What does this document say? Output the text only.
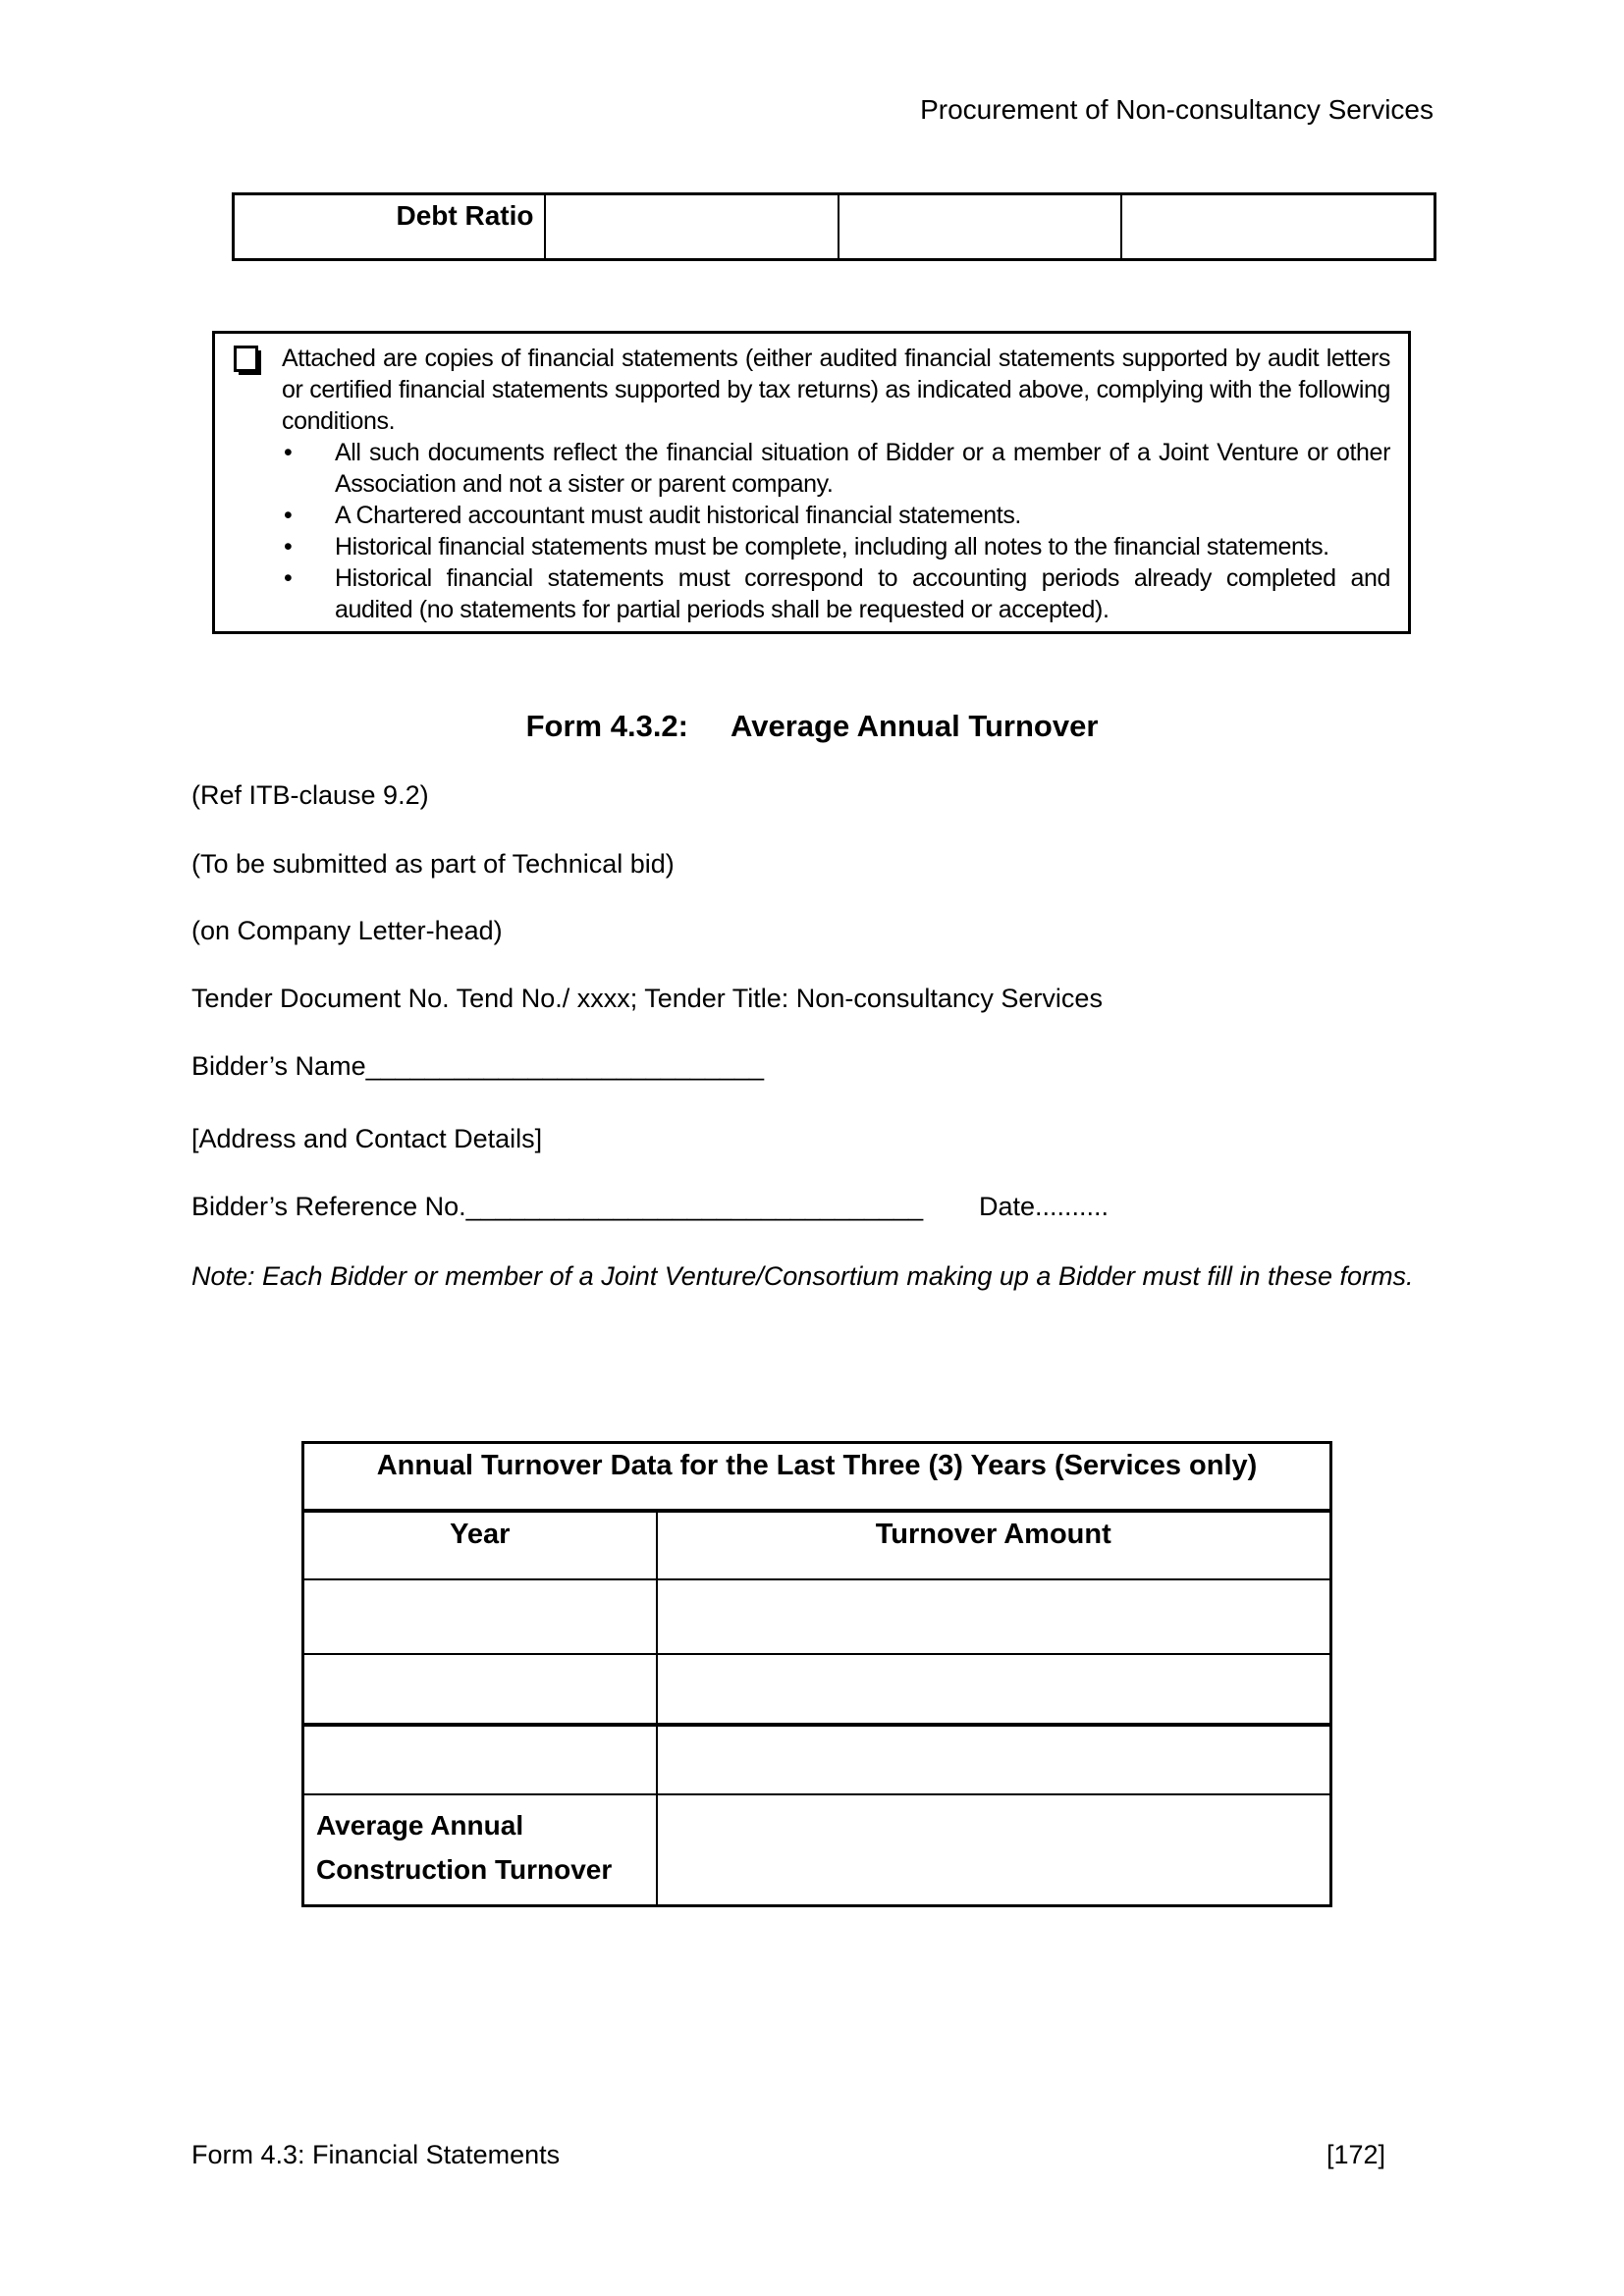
Procurement of Non-consultancy Services
Debt Ratio			
Attached are copies of financial statements (either audited financial statements supported by audit letters or certified financial statements supported by tax returns) as indicated above, complying with the following conditions.
•	All such documents reflect the financial situation of Bidder or a member of a Joint Venture or other Association and not a sister or parent company.
•	A Chartered accountant must audit historical financial statements.
•	Historical financial statements must be complete, including all notes to the financial statements.
•	Historical financial statements must correspond to accounting periods already completed and audited (no statements for partial periods shall be requested or accepted).
Form 4.3.2: Average Annual Turnover
(Ref ITB-clause 9.2)
(To be submitted as part of Technical bid)
(on Company Letter-head)
Tender Document No. Tend No./ xxxx; Tender Title: Non-consultancy Services
Bidder’s Name___________________________
[Address and Contact Details]
Bidder’s Reference No._______________________________ Date..........
Note: Each Bidder or member of a Joint Venture/Consortium making up a Bidder must fill in these forms.
Annual Turnover Data for the Last Three (3) Years (Services only)	
Year	Turnover Amount

Average Annual Construction Turnover	
Form 4.3: Financial Statements	[172]
